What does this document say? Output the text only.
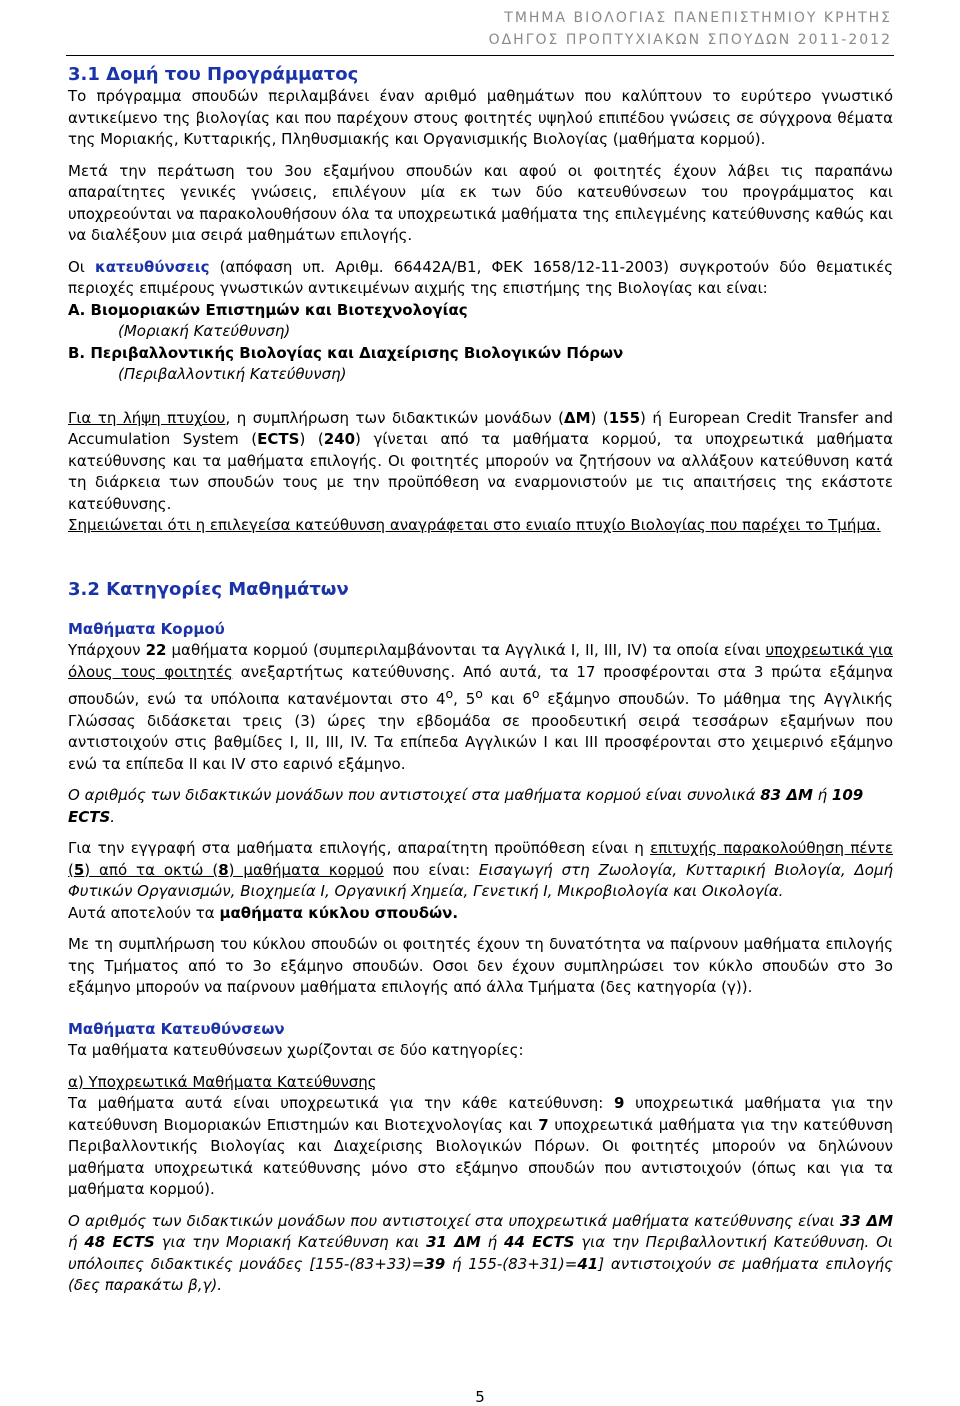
ΤΜΗΜΑ ΒΙΟΛΟΓΙΑΣ ΠΑΝΕΠΙΣΤΗΜΙΟΥ ΚΡΗΤΗΣ
ΟΔΗΓΟΣ ΠΡΟΠΤΥΧΙΑΚΩΝ ΣΠΟΥΔΩΝ 2011-2012
3.1 Δομή του Προγράμματος

Το πρόγραμμα σπουδών περιλαμβάνει έναν αριθμό μαθημάτων που καλύπτουν το ευρύτερο γνωστικό αντικείμενο της βιολογίας και που παρέχουν στους φοιτητές υψηλού επιπέδου γνώσεις σε σύγχρονα θέματα της Μοριακής, Κυτταρικής, Πληθυσμιακής και Οργανισμικής Βιολογίας (μαθήματα κορμού).

Μετά την περάτωση του 3ου εξαμήνου σπουδών και αφού οι φοιτητές έχουν λάβει τις παραπάνω απαραίτητες γενικές γνώσεις, επιλέγουν μία εκ των δύο κατευθύνσεων του προγράμματος και υποχρεούνται να παρακολουθήσουν όλα τα υποχρεωτικά μαθήματα της επιλεγμένης κατεύθυνσης καθώς και να διαλέξουν μια σειρά μαθημάτων επιλογής.

Οι κατευθύνσεις (απόφαση υπ. Αριθμ. 66442Α/Β1, ΦΕΚ 1658/12-11-2003) συγκροτούν δύο θεματικές περιοχές επιμέρους γνωστικών αντικειμένων αιχμής της επιστήμης της Βιολογίας και είναι:

Α. Βιομοριακών Επιστημών και Βιοτεχνολογίας

(Μοριακή Κατεύθυνση)

Β. Περιβαλλοντικής Βιολογίας και Διαχείρισης Βιολογικών Πόρων

(Περιβαλλοντική Κατεύθυνση)

Για τη λήψη πτυχίου, η συμπλήρωση των διδακτικών μονάδων (ΔΜ) (155) ή European Credit Transfer and Accumulation System (ECTS) (240) γίνεται από τα μαθήματα κορμού, τα υποχρεωτικά μαθήματα κατεύθυνσης και τα μαθήματα επιλογής. Οι φοιτητές μπορούν να ζητήσουν να αλλάξουν κατεύθυνση κατά τη διάρκεια των σπουδών τους με την προϋπόθεση να εναρμονιστούν με τις απαιτήσεις της εκάστοτε κατεύθυνσης.

Σημειώνεται ότι η επιλεγείσα κατεύθυνση αναγράφεται στο ενιαίο πτυχίο Βιολογίας που παρέχει το Τμήμα.

3.2 Κατηγορίες Μαθημάτων

Μαθήματα Κορμού

Υπάρχουν 22 μαθήματα κορμού (συμπεριλαμβάνονται τα Αγγλικά Ι, ΙΙ, ΙΙΙ, IV) τα οποία είναι υποχρεωτικά για όλους τους φοιτητές ανεξαρτήτως κατεύθυνσης. Από αυτά, τα 17 προσφέρονται στα 3 πρώτα εξάμηνα σπουδών, ενώ τα υπόλοιπα κατανέμονται στο $4^o$, $5^o$ και $6^o$ εξάμηνο σπουδών. Το μάθημα της Αγγλικής Γλώσσας διδάσκεται τρεις (3) ώρες την εβδομάδα σε προοδευτική σειρά τεσσάρων εξαμήνων που αντιστοιχούν στις βαθμίδες Ι, ΙΙ, ΙΙΙ, IV. Τα επίπεδα Αγγλικών Ι και ΙΙΙ προσφέρονται στο χειμερινό εξάμηνο ενώ τα επίπεδα ΙΙ και IV στο εαρινό εξάμηνο.

Ο αριθμός των διδακτικών μονάδων που αντιστοιχεί στα μαθήματα κορμού είναι συνολικά 83 ΔΜ ή 109 ECTS.

Για την εγγραφή στα μαθήματα επιλογής, απαραίτητη προϋπόθεση είναι η επιτυχής παρακολούθηση πέντε (5) από τα οκτώ (8) μαθήματα κορμού που είναι: Εισαγωγή στη Ζωολογία, Κυτταρική Βιολογία, Δομή Φυτικών Οργανισμών, Βιοχημεία Ι, Οργανική Χημεία, Γενετική Ι, Μικροβιολογία και Οικολογία.

Αυτά αποτελούν τα μαθήματα κύκλου σπουδών.

Με τη συμπλήρωση του κύκλου σπουδών οι φοιτητές έχουν τη δυνατότητα να παίρνουν μαθήματα επιλογής της Τμήματος από το 3ο εξάμηνο σπουδών. Οσοι δεν έχουν συμπληρώσει τον κύκλο σπουδών στο 3ο εξάμηνο μπορούν να παίρνουν μαθήματα επιλογής από άλλα Τμήματα (δες κατηγορία (γ)).

Μαθήματα Κατευθύνσεων

Τα μαθήματα κατευθύνσεων χωρίζονται σε δύο κατηγορίες:

α) Υποχρεωτικά Μαθήματα Κατεύθυνσης

Τα μαθήματα αυτά είναι υποχρεωτικά για την κάθε κατεύθυνση: 9 υποχρεωτικά μαθήματα για την κατεύθυνση Βιομοριακών Επιστημών και Βιοτεχνολογίας και 7 υποχρεωτικά μαθήματα για την κατεύθυνση Περιβαλλοντικής Βιολογίας και Διαχείρισης Βιολογικών Πόρων. Οι φοιτητές μπορούν να δηλώνουν μαθήματα υποχρεωτικά κατεύθυνσης μόνο στο εξάμηνο σπουδών που αντιστοιχούν (όπως και για τα μαθήματα κορμού).

Ο αριθμός των διδακτικών μονάδων που αντιστοιχεί στα υποχρεωτικά μαθήματα κατεύθυνσης είναι 33 ΔΜ ή 48 ECTS για την Μοριακή Κατεύθυνση και 31 ΔΜ ή 44 ECTS για την Περιβαλλοντική Κατεύθυνση. Οι υπόλοιπες διδακτικές μονάδες [155-(83+33)=39 ή 155-(83+31)=41] αντιστοιχούν σε μαθήματα επιλογής (δες παρακάτω β,γ).

5
